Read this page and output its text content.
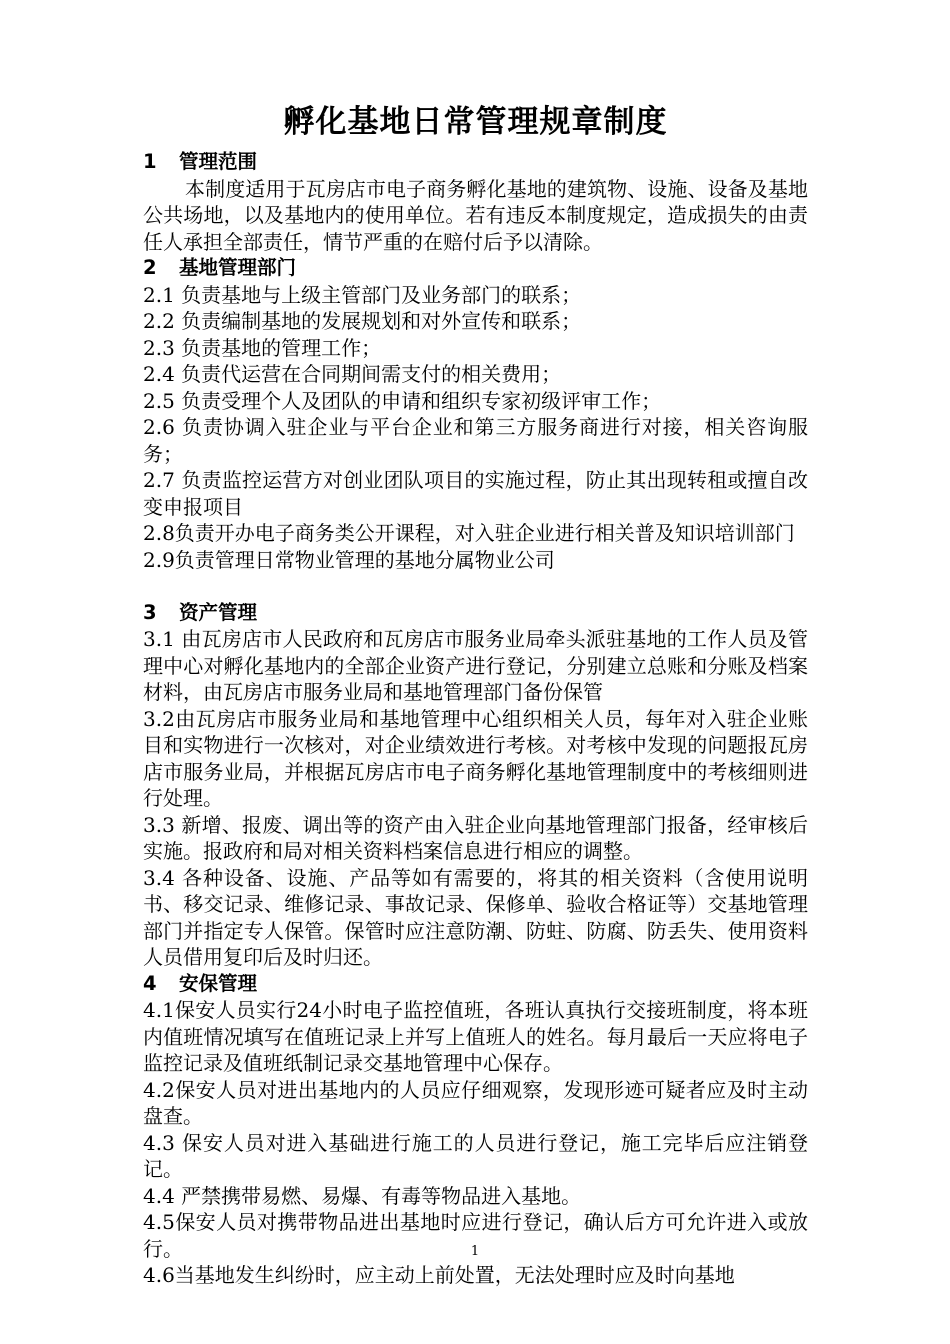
孵化基地日常管理规章制度
1 管理范围

本制度适用于瓦房店市电子商务孵化基地的建筑物、设施、设备及基地公共场地，以及基地内的使用单位。若有违反本制度规定，造成损失的由责任人承担全部责任，情节严重的在赔付后予以清除。

2 基地管理部门

2.1 负责基地与上级主管部门及业务部门的联系；

2.2 负责编制基地的发展规划和对外宣传和联系；

2.3 负责基地的管理工作；

2.4 负责代运营在合同期间需支付的相关费用；

2.5 负责受理个人及团队的申请和组织专家初级评审工作；

2.6 负责协调入驻企业与平台企业和第三方服务商进行对接，相关咨询服务；

2.7 负责监控运营方对创业团队项目的实施过程，防止其出现转租或擅自改变申报项目

2.8负责开办电子商务类公开课程，对入驻企业进行相关普及知识培训部门

2.9负责管理日常物业管理的基地分属物业公司

3 资产管理

3.1 由瓦房店市人民政府和瓦房店市服务业局牵头派驻基地的工作人员及管理中心对孵化基地内的全部企业资产进行登记，分别建立总账和分账及档案材料，由瓦房店市服务业局和基地管理部门备份保管

3.2由瓦房店市服务业局和基地管理中心组织相关人员，每年对入驻企业账目和实物进行一次核对，对企业绩效进行考核。对考核中发现的问题报瓦房店市服务业局，并根据瓦房店市电子商务孵化基地管理制度中的考核细则进行处理。

3.3 新增、报废、调出等的资产由入驻企业向基地管理部门报备，经审核后实施。报政府和局对相关资料档案信息进行相应的调整。

3.4 各种设备、设施、产品等如有需要的，将其的相关资料（含使用说明书、移交记录、维修记录、事故记录、保修单、验收合格证等）交基地管理部门并指定专人保管。保管时应注意防潮、防蛀、防腐、防丢失、使用资料人员借用复印后及时归还。

4 安保管理

4.1保安人员实行24小时电子监控值班，各班认真执行交接班制度，将本班内值班情况填写在值班记录上并写上值班人的姓名。每月最后一天应将电子监控记录及值班纸制记录交基地管理中心保存。

4.2保安人员对进出基地内的人员应仔细观察，发现形迹可疑者应及时主动盘查。

4.3 保安人员对进入基础进行施工的人员进行登记，施工完毕后应注销登记。

4.4 严禁携带易燃、易爆、有毒等物品进入基地。

4.5保安人员对携带物品进出基地时应进行登记，确认后方可允许进入或放行。

4.6当基地发生纠纷时，应主动上前处置，无法处理时应及时向基地

1
